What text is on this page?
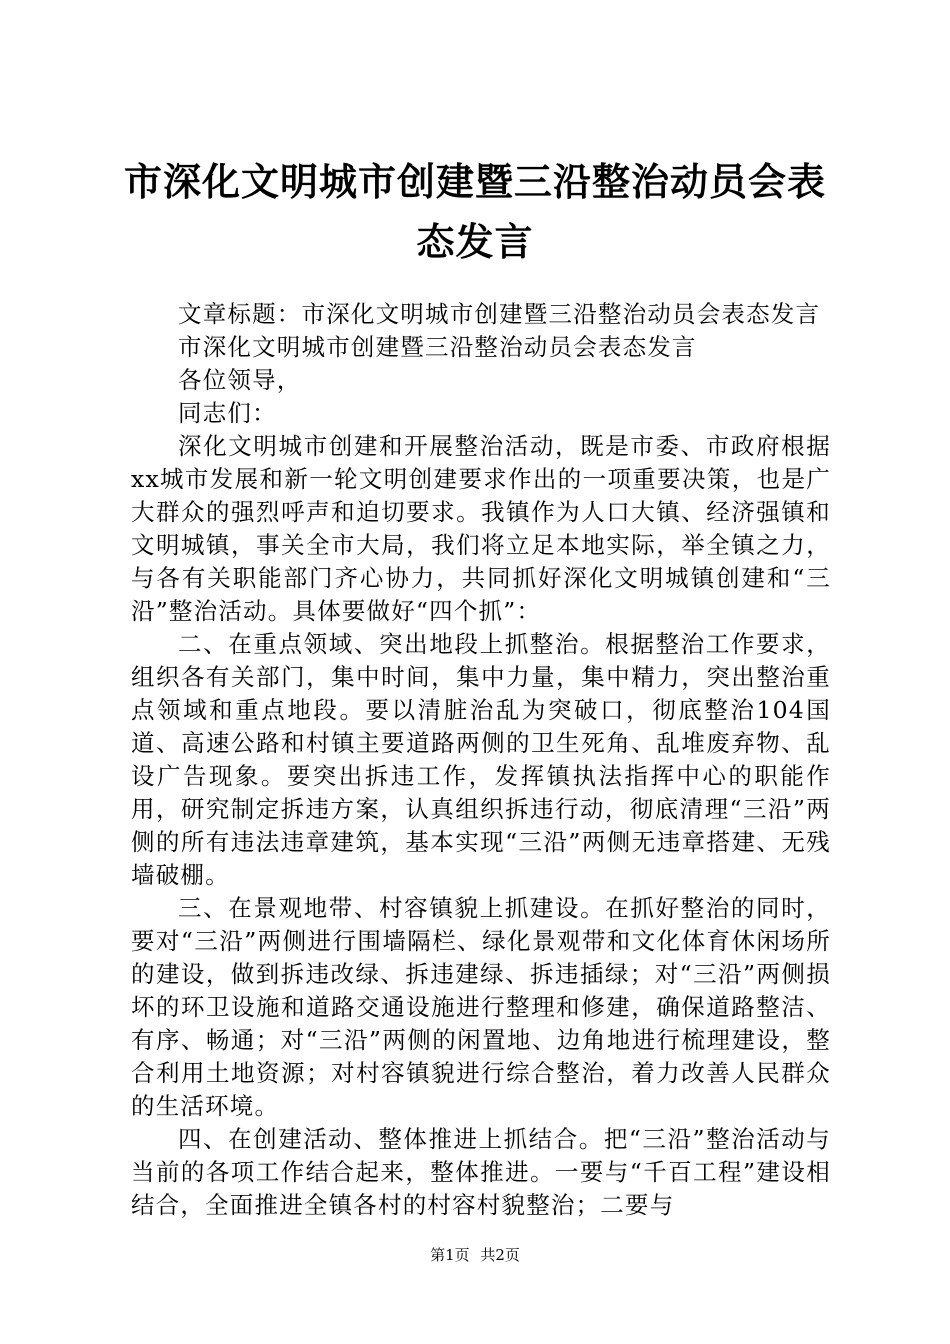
市深化文明城市创建暨三沿整治动员会表态发言

文章标题：市深化文明城市创建暨三沿整治动员会表态发言

市深化文明城市创建暨三沿整治动员会表态发言

各位领导，

同志们：

深化文明城市创建和开展整治活动，既是市委、市政府根据xx城市发展和新一轮文明创建要求作出的一项重要决策，也是广大群众的强烈呼声和迫切要求。我镇作为人口大镇、经济强镇和文明城镇，事关全市大局，我们将立足本地实际，举全镇之力，与各有关职能部门齐心协力，共同抓好深化文明城镇创建和“三沿”整治活动。具体要做好“四个抓”：

二、在重点领域、突出地段上抓整治。根据整治工作要求，组织各有关部门，集中时间，集中力量，集中精力，突出整治重点领域和重点地段。要以清脏治乱为突破口，彻底整治104国道、高速公路和村镇主要道路两侧的卫生死角、乱堆废弃物、乱设广告现象。要突出拆违工作，发挥镇执法指挥中心的职能作用，研究制定拆违方案，认真组织拆违行动，彻底清理“三沿”两侧的所有违法违章建筑，基本实现“三沿”两侧无违章搭建、无残墙破棚。

三、在景观地带、村容镇貌上抓建设。在抓好整治的同时，要对“三沿”两侧进行围墙隔栏、绿化景观带和文化体育休闲场所的建设，做到拆违改绿、拆违建绿、拆违插绿；对“三沿”两侧损坏的环卫设施和道路交通设施进行整理和修建，确保道路整洁、有序、畅通；对“三沿”两侧的闲置地、边角地进行梳理建设，整合利用土地资源；对村容镇貌进行综合整治，着力改善人民群众的生活环境。

四、在创建活动、整体推进上抓结合。把“三沿”整治活动与当前的各项工作结合起来，整体推进。一要与“千百工程”建设相结合，全面推进全镇各村的村容村貌整治；二要与

第1页 共2页
